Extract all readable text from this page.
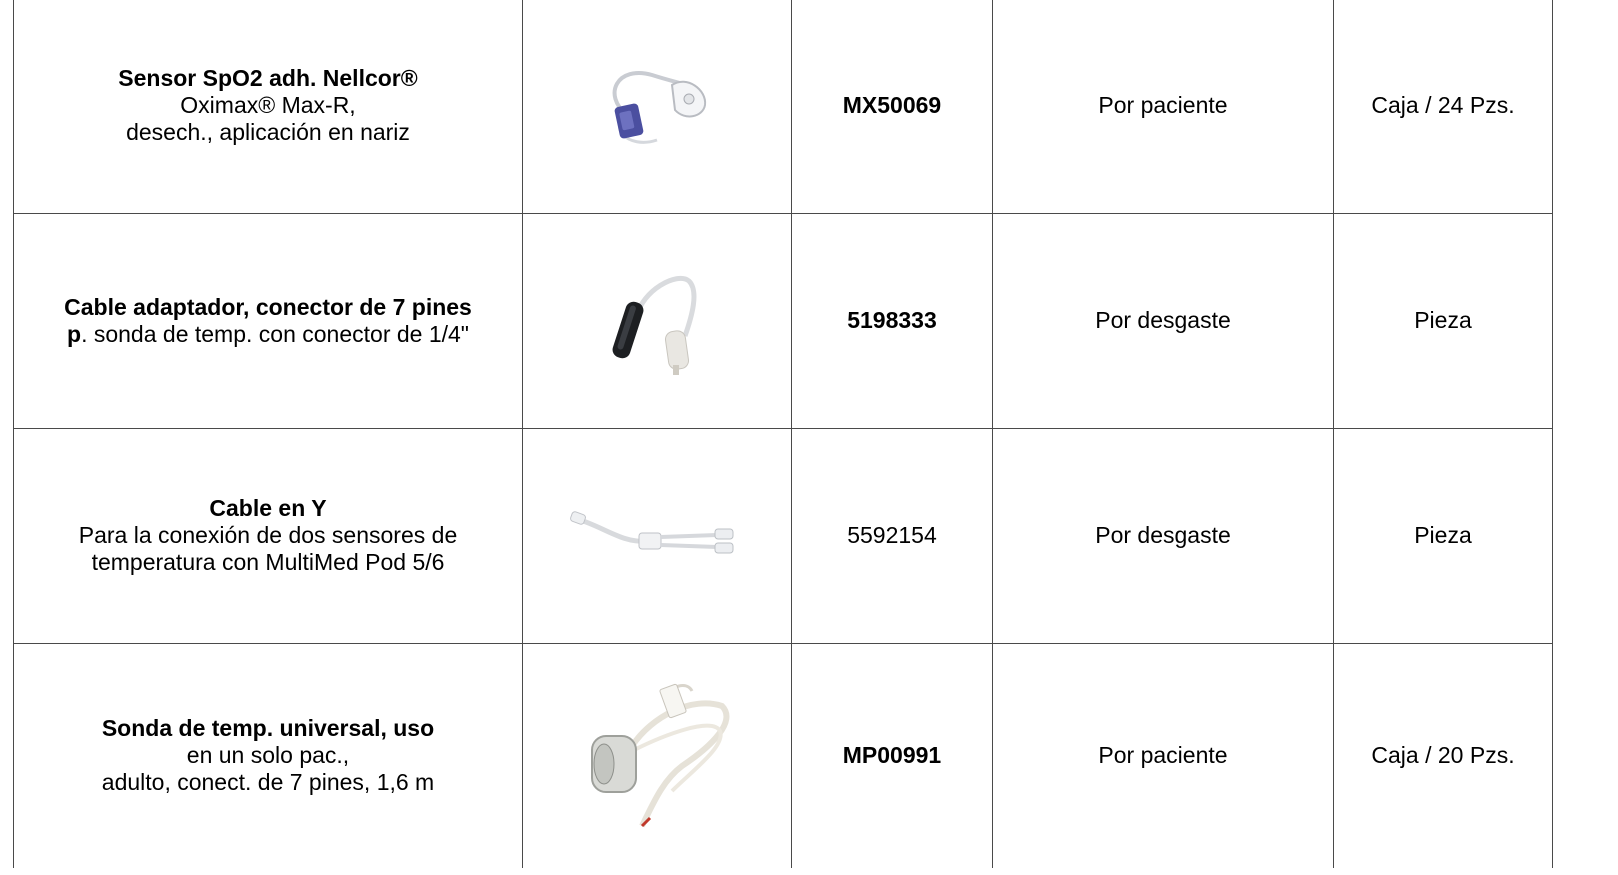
Sensor SpO2 adh. Nellcor®
Oximax® Max-R,
desech., aplicación en nariz		MX50069	Por paciente	Caja / 24 Pzs.

Cable adaptador, conector de 7 pines
p. sonda de temp. con conector de 1/4"		5198333	Por desgaste	Pieza

Cable en Y
Para la conexión de dos sensores de
temperatura con MultiMed Pod 5/6		5592154	Por desgaste	Pieza

Sonda de temp. universal, uso
en un solo pac.,
adulto, conect. de 7 pines, 1,6 m		MP00991	Por paciente	Caja / 20 Pzs.
